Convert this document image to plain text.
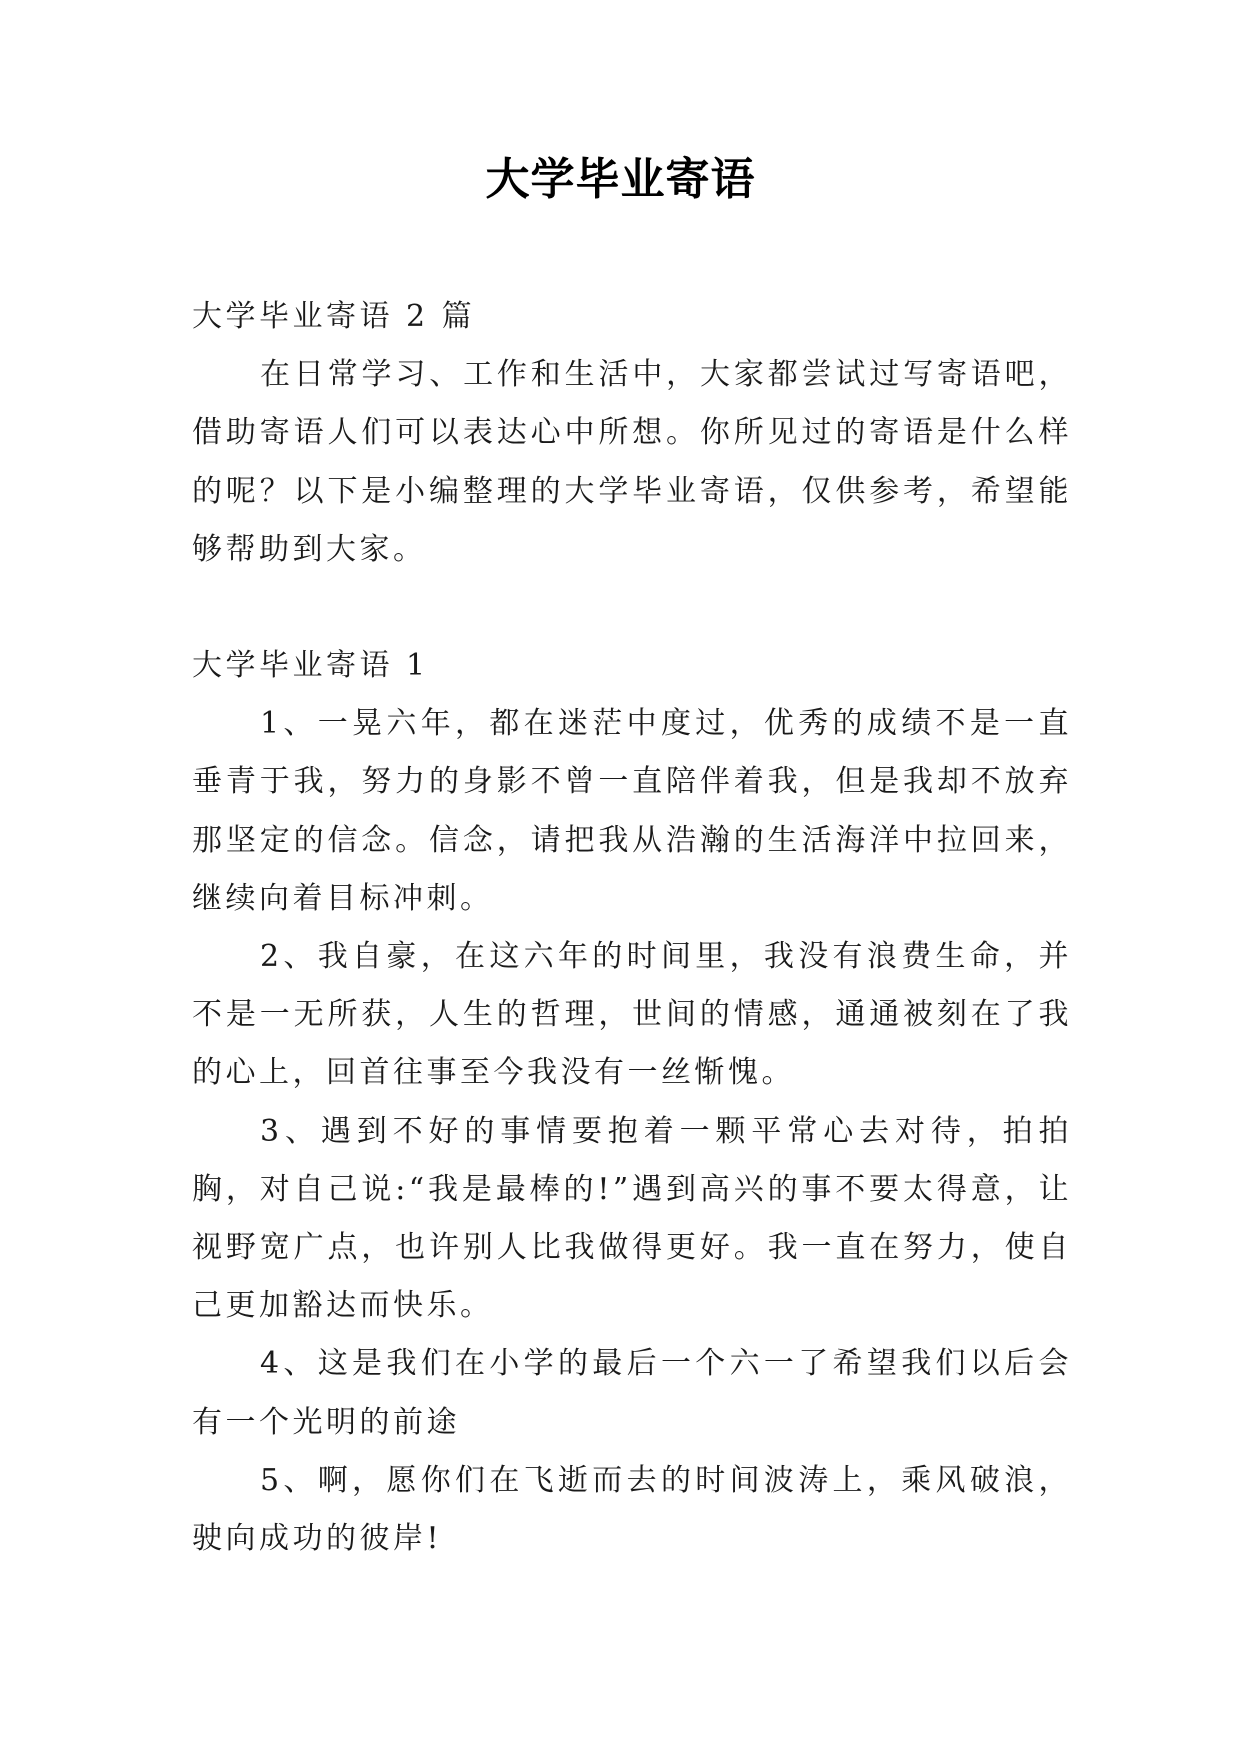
大学毕业寄语

大学毕业寄语 2 篇

在日常学习、工作和生活中，大家都尝试过写寄语吧，借助寄语人们可以表达心中所想。你所见过的寄语是什么样的呢？以下是小编整理的大学毕业寄语，仅供参考，希望能够帮助到大家。

大学毕业寄语 1

1、一晃六年，都在迷茫中度过，优秀的成绩不是一直垂青于我，努力的身影不曾一直陪伴着我，但是我却不放弃那坚定的信念。信念，请把我从浩瀚的生活海洋中拉回来，继续向着目标冲刺。

2、我自豪，在这六年的时间里，我没有浪费生命，并不是一无所获，人生的哲理，世间的情感，通通被刻在了我的心上，回首往事至今我没有一丝惭愧。

3、遇到不好的事情要抱着一颗平常心去对待，拍拍胸，对自己说:“我是最棒的!”遇到高兴的事不要太得意，让视野宽广点，也许别人比我做得更好。我一直在努力，使自己更加豁达而快乐。

4、这是我们在小学的最后一个六一了希望我们以后会有一个光明的前途

5、啊，愿你们在飞逝而去的时间波涛上，乘风破浪，驶向成功的彼岸!
